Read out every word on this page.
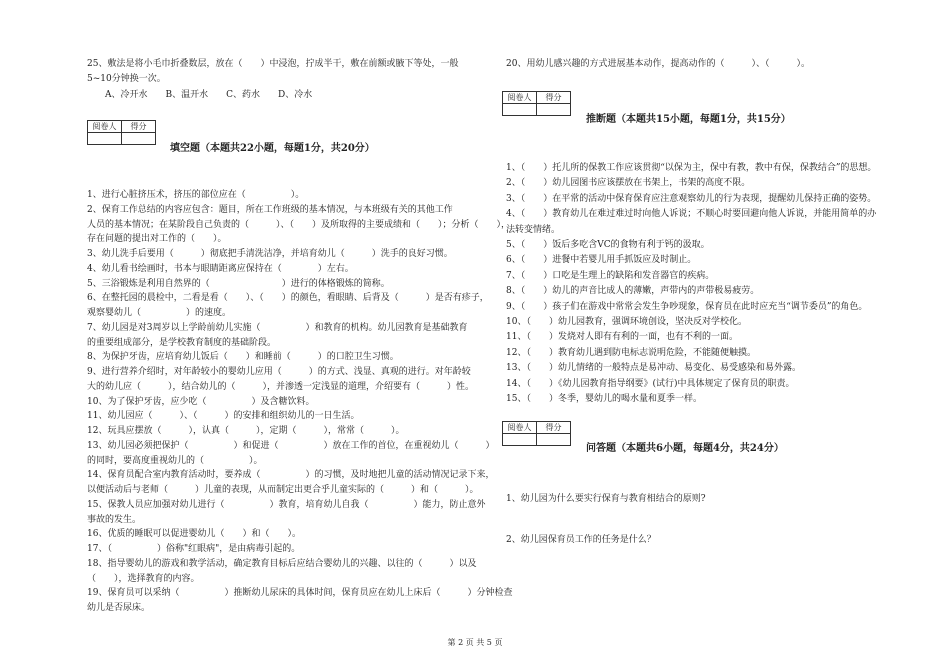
25、敷法是将小毛巾折叠数层，放在（　　）中浸泡，拧成半干，敷在前额或腋下等处，一般
5~10分钟换一次。
A、冷开水　　B、温开水　　C、药水　　D、冷水
阅卷人	得分

填空题（本题共22小题，每题1分，共20分）
1、进行心脏挤压术，挤压的部位应在（　　　　　）。
2、保育工作总结的内容应包含：题目，所在工作班级的基本情况，与本班级有关的其他工作
人员的基本情况；在某阶段自己负责的（　　　）、（　　）及所取得的主要成绩和（　　）；分析（　　），
存在问题的提出对工作的（　　）。
3、幼儿洗手后要用（　　　）彻底把手清洗洁净，并培育幼儿（　　　）洗手的良好习惯。
4、幼儿看书绘画时，书本与眼睛距离应保持在（　　　　）左右。
5、三浴锻炼是利用自然界的（　　　　　　　　）进行的体格锻炼的简称。
6、在整托园的晨检中，二看是看（　　）、（　　）的颜色，看眼睛、后背及（　　　）是否有疹子，
观察婴幼儿（　　　　　）的速度。
7、幼儿园是对3周岁以上学龄前幼儿实施（　　　　　）和教育的机构。幼儿园教育是基础教育
的重要组成部分，是学校教育制度的基础阶段。
8、为保护牙齿，应培育幼儿饭后（　　）和睡前（　　　）的口腔卫生习惯。
9、进行营养介绍时，对年龄较小的婴幼儿应用（　　　）的方式、浅显、真观的进行。对年龄较
大的幼儿应（　　　），结合幼儿的（　　　），并渗透一定浅显的道理，介绍要有（　　　）性。
10、为了保护牙齿，应少吃（　　　　　）及含糖饮料。
11、幼儿园应（　　　）、（　　　）的安排和组织幼儿的一日生活。
12、玩具应摆放（　　　），认真（　　　），定期（　　　），常常（　　　）。
13、幼儿园必须把保护（　　　　　）和促进（　　　　　）放在工作的首位，在重视幼儿（　　　）
的同时，要高度重视幼儿的（　　　　　）。
14、保育员配合室内教育活动时，要养成（　　　　　）的习惯，及时地把儿童的活动情况记录下来，
以便活动后与老师（　　　）儿童的表现，从而制定出更合乎儿童实际的（　　　）和（　　　）。
15、保教人员应加强对幼儿进行（　　　　　）教育，培育幼儿自我（　　　　　）能力，防止意外
事故的发生。
16、优质的睡眠可以促进婴幼儿（　　）和（　　）。
17、（　　　　　）俗称"红眼病"，是由病毒引起的。
18、指导婴幼儿的游戏和教学活动，确定教育目标后应结合婴幼儿的兴趣、以往的（　　　）以及
（　　），选择教育的内容。
19、保育员可以采纳（　　　　　）推断幼儿尿床的具体时间，保育员应在幼儿上床后（　　　）分钟检查
幼儿是否尿床。
20、用幼儿感兴趣的方式进展基本动作，提高动作的（　　　）、（　　　）。
阅卷人	得分

推断题（本题共15小题，每题1分，共15分）
1、（　　）托儿所的保教工作应该贯彻“以保为主，保中有教，教中有保，保教结合”的思想。
2、（　　）幼儿园图书应该摆放在书架上，书架的高度不限。
3、（　　）在平常的活动中保育保育应注意观察幼儿的行为表现，提醒幼儿保持正确的姿势。
4、（　　）教育幼儿在难过难过时向他人诉说；不顺心时要回避向他人诉说，并能用简单的办
法转变情绪。
5、（　　）饭后多吃含VC的食物有利于钙的汲取。
6、（　　）进餐中若婴儿用手抓饭应及时制止。
7、（　　）口吃是生理上的缺陷和发音器官的疾病。
8、（　　）幼儿的声音比成人的薄嫩，声带内的声带极易疲劳。
9、（　　）孩子们在游戏中常常会发生争吵现象，保育员在此时应充当“调节委员”的角色。
10、（　　）幼儿园教育，强调环境创设，坚决反对学校化。
11、（　　）发烧对人即有有利的一面，也有不利的一面。
12、（　　）教育幼儿遇到防电标志说明危险，不能随便触摸。
13、（　　）幼儿情绪的一般特点是易冲动、易变化、易受感染和易外露。
14、（　　）《幼儿园教育指导纲要》(试行)中具体规定了保育员的职责。
15、（　　）冬季，婴幼儿的喝水量和夏季一样。
阅卷人	得分

问答题（本题共6小题，每题4分，共24分）
1、幼儿园为什么要实行保育与教育相结合的原则?
2、幼儿园保育员工作的任务是什么？
第 2 页 共 5 页
